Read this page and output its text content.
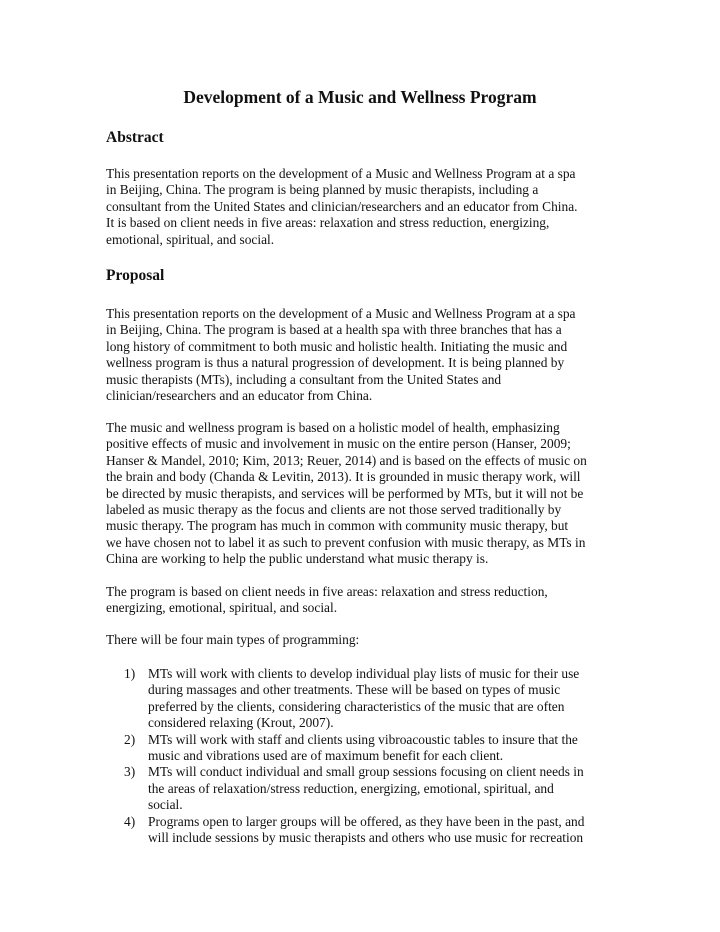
Development of a Music and Wellness Program
Abstract

This presentation reports on the development of a Music and Wellness Program at a spa
in Beijing, China. The program is being planned by music therapists, including a
consultant from the United States and clinician/researchers and an educator from China.
It is based on client needs in five areas: relaxation and stress reduction, energizing,
emotional, spiritual, and social.

Proposal

This presentation reports on the development of a Music and Wellness Program at a spa
in Beijing, China. The program is based at a health spa with three branches that has a
long history of commitment to both music and holistic health. Initiating the music and
wellness program is thus a natural progression of development. It is being planned by
music therapists (MTs), including a consultant from the United States and
clinician/researchers and an educator from China.

The music and wellness program is based on a holistic model of health, emphasizing
positive effects of music and involvement in music on the entire person (Hanser, 2009;
Hanser & Mandel, 2010; Kim, 2013; Reuer, 2014) and is based on the effects of music on
the brain and body (Chanda & Levitin, 2013). It is grounded in music therapy work, will
be directed by music therapists, and services will be performed by MTs, but it will not be
labeled as music therapy as the focus and clients are not those served traditionally by
music therapy. The program has much in common with community music therapy, but
we have chosen not to label it as such to prevent confusion with music therapy, as MTs in
China are working to help the public understand what music therapy is.

The program is based on client needs in five areas: relaxation and stress reduction,
energizing, emotional, spiritual, and social.

There will be four main types of programming:

1) MTs will work with clients to develop individual play lists of music for their use
during massages and other treatments. These will be based on types of music
preferred by the clients, considering characteristics of the music that are often
considered relaxing (Krout, 2007).
2) MTs will work with staff and clients using vibroacoustic tables to insure that the
music and vibrations used are of maximum benefit for each client.
3) MTs will conduct individual and small group sessions focusing on client needs in
the areas of relaxation/stress reduction, energizing, emotional, spiritual, and
social.
4) Programs open to larger groups will be offered, as they have been in the past, and
will include sessions by music therapists and others who use music for recreation
